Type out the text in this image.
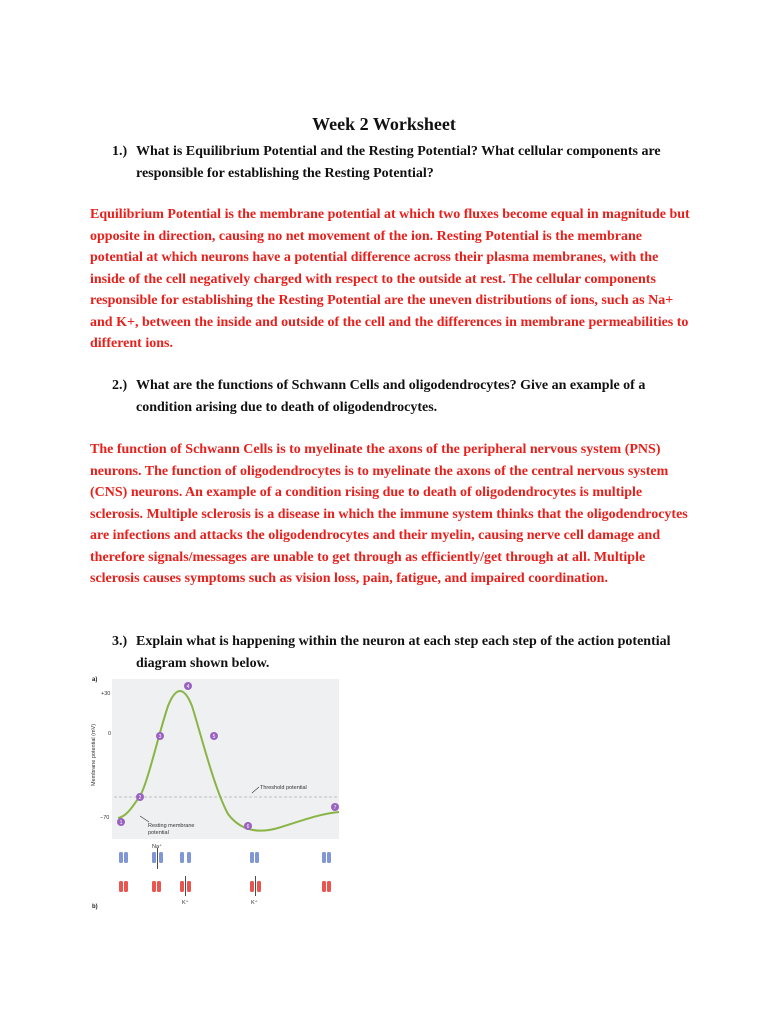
Week 2 Worksheet
1.) What is Equilibrium Potential and the Resting Potential? What cellular components are responsible for establishing the Resting Potential?
Equilibrium Potential is the membrane potential at which two fluxes become equal in magnitude but opposite in direction, causing no net movement of the ion. Resting Potential is the membrane potential at which neurons have a potential difference across their plasma membranes, with the inside of the cell negatively charged with respect to the outside at rest. The cellular components responsible for establishing the Resting Potential are the uneven distributions of ions, such as Na+ and K+, between the inside and outside of the cell and the differences in membrane permeabilities to different ions.
2.) What are the functions of Schwann Cells and oligodendrocytes? Give an example of a condition arising due to death of oligodendrocytes.
The function of Schwann Cells is to myelinate the axons of the peripheral nervous system (PNS) neurons. The function of oligodendrocytes is to myelinate the axons of the central nervous system (CNS) neurons. An example of a condition rising due to death of oligodendrocytes is multiple sclerosis. Multiple sclerosis is a disease in which the immune system thinks that the oligodendrocytes are infections and attacks the oligodendrocytes and their myelin, causing nerve cell damage and therefore signals/messages are unable to get through as efficiently/get through at all. Multiple sclerosis causes symptoms such as vision loss, pain, fatigue, and impaired coordination.
3.) Explain what is happening within the neuron at each step each step of the action potential diagram shown below.
a)
Membrane potential (mV)
+30
0
−70
Threshold potential
Resting membrane
potential
1
2
3
4
5
6
7
b)
Na⁺
K⁺	K⁺
